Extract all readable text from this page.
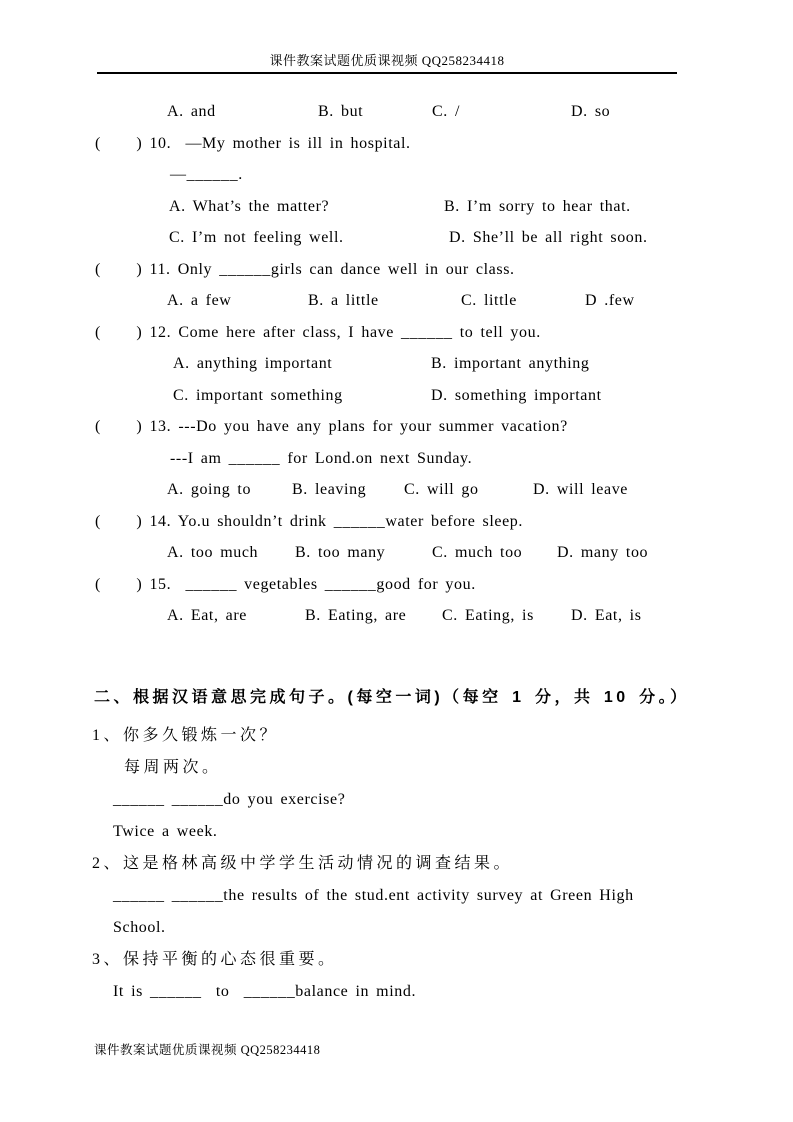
课件教案试题优质课视频 QQ258234418

A. and

	B. but

	C. /

	D. so

(     ) 10.  —My mother is ill in hospital.
—______.

A. What’s the matter?

	B. I’m sorry to hear that.

C. I’m not feeling well.

	D. She’ll be all right soon.

(     ) 11. Only ______girls can dance well in our class.

A. a few

	B. a little

	C. little

	D .few

(     ) 12. Come here after class, I have ______ to tell you.

A. anything important

	B. important anything

C. important something

	D. something important

(     ) 13. ---Do you have any plans for your summer vacation?
---I am ______ for Lond.on next Sunday.

A. going to

	B. leaving

C. will go

	D. will leave

(     ) 14. Yo.u shouldn’t drink ______water before sleep.

A. too much

B. too many

	C. much too

D. many too

(     ) 15.  ______ vegetables ______good for you.

A. Eat, are

	B. Eating, are

C. Eating, is

D. Eat, is

二、根据汉语意思完成句子。(每空一词)（每空 1 分，共 10 分。）
1、你多久锻炼一次？
每周两次。
______ ______do you exercise?
Twice a week.
2、这是格林高级中学学生活动情况的调查结果。
______ ______the results of the stud.ent activity survey at Green High
School.
3、保持平衡的心态很重要。
It is ______  to  ______balance in mind.
课件教案试题优质课视频 QQ258234418
